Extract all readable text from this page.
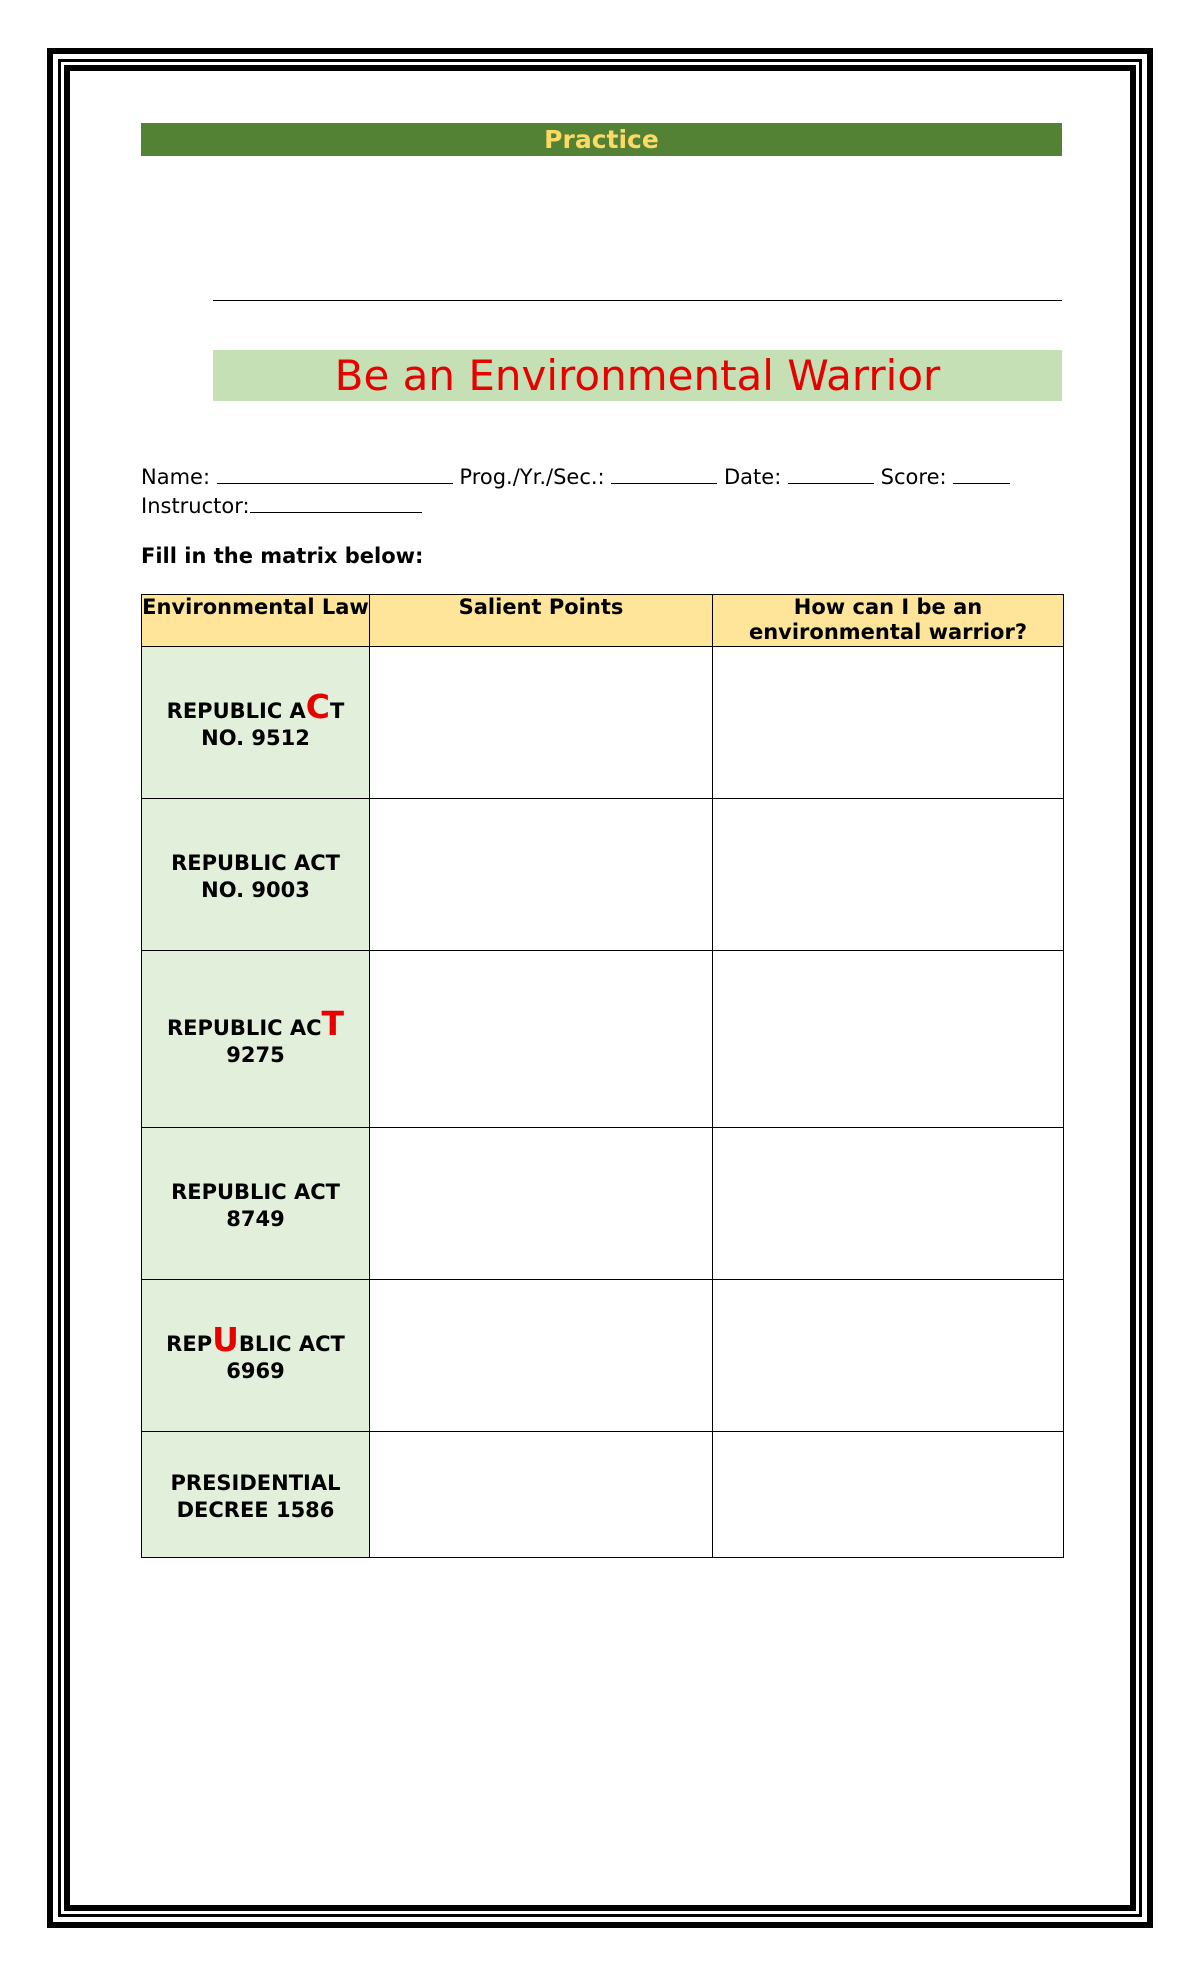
Practice
Be an Environmental Warrior
Name:	Prog./Yr./Sec.:	Date:	Score:
Instructor:
Fill in the matrix below:
Environmental Law	Salient Points	How can I be an environmental warrior?

REPUBLIC ACT
NO. 9512		

REPUBLIC ACT
NO. 9003		

REPUBLIC ACT
9275		

REPUBLIC ACT
8749		

REPUBLIC ACT
6969		

PRESIDENTIAL
DECREE 1586		
